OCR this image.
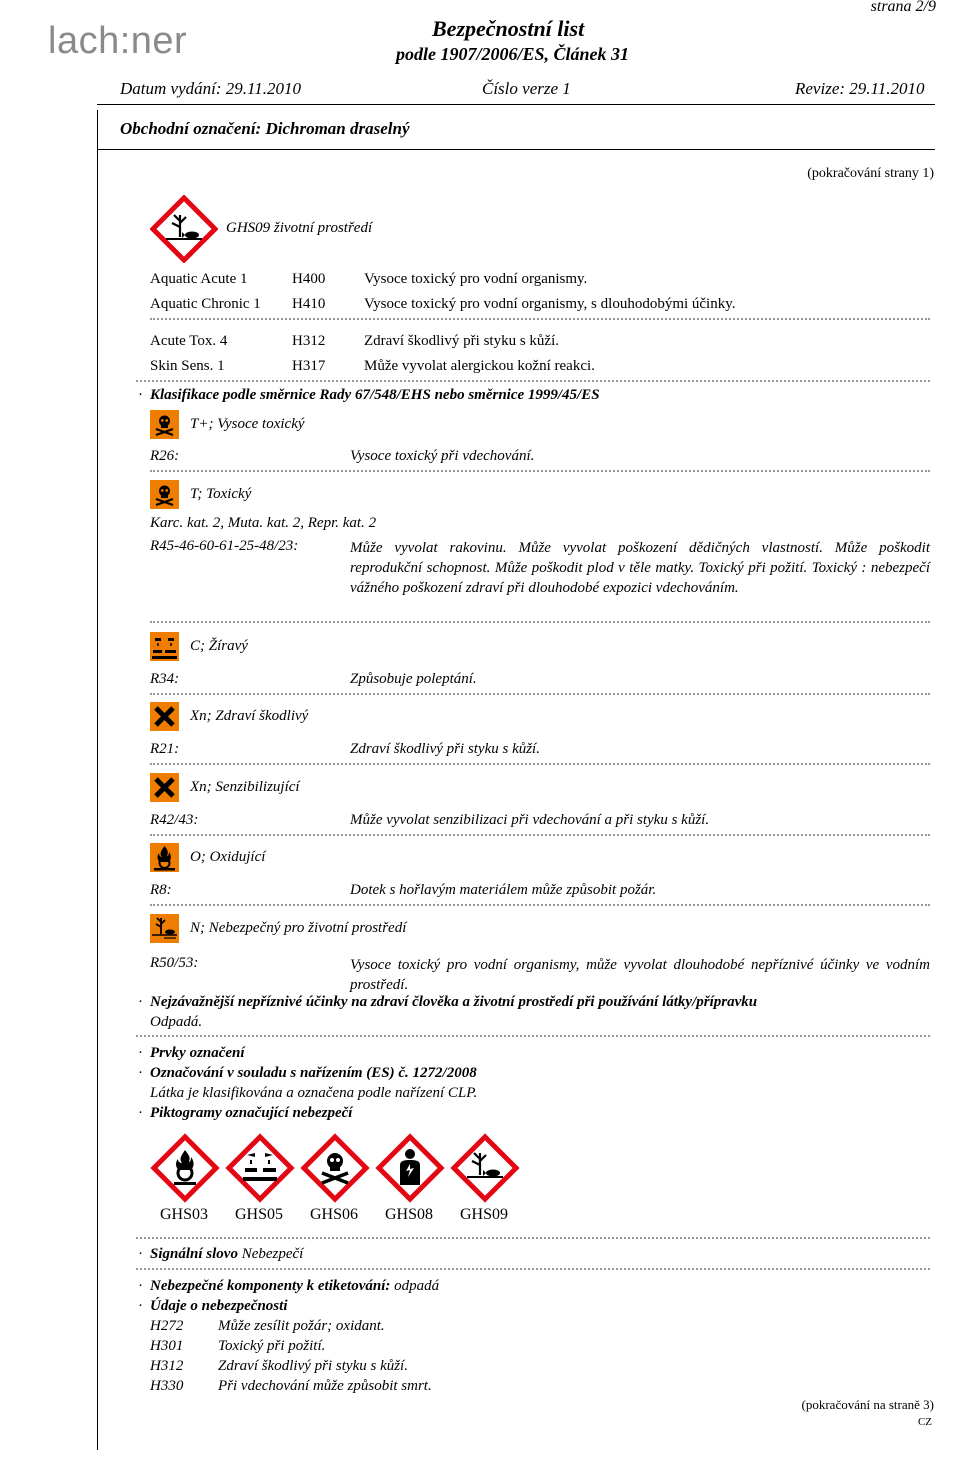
lach:ner
strana 2/9
Bezpečnostní list
podle 1907/2006/ES, Článek 31
Datum vydání: 29.11.2010	Číslo verze 1	Revize: 29.11.2010
Obchodní označení: Dichroman draselný
(pokračování strany 1)
GHS09 životní prostředí
Aquatic Acute 1	H400	Vysoce toxický pro vodní organismy.
Aquatic Chronic 1 H410	Vysoce toxický pro vodní organismy, s dlouhodobými účinky.
Acute Tox. 4	H312	Zdraví škodlivý při styku s kůží.
Skin Sens. 1	H317	Může vyvolat alergickou kožní reakci.
· Klasifikace podle směrnice Rady 67/548/EHS nebo směrnice 1999/45/ES
T+; Vysoce toxický
R26:	Vysoce toxický při vdechování.
T; Toxický
Karc. kat. 2, Muta. kat. 2, Repr. kat. 2
R45-46-60-61-25-48/23:	Může vyvolat rakovinu. Může vyvolat poškození dědičných vlastností. Může poškodit reprodukční schopnost. Může poškodit plod v těle matky. Toxický při požití. Toxický : nebezpečí vážného poškození zdraví při dlouhodobé expozici vdechováním.
C; Žíravý
R34:	Způsobuje poleptání.
Xn; Zdraví škodlivý
R21:	Zdraví škodlivý při styku s kůží.
Xn; Senzibilizující
R42/43:	Může vyvolat senzibilizaci při vdechování a při styku s kůží.
O; Oxidující
R8:	Dotek s hořlavým materiálem může způsobit požár.
N; Nebezpečný pro životní prostředí
R50/53:	Vysoce toxický pro vodní organismy, může vyvolat dlouhodobé nepříznivé účinky ve vodním prostředí.
· Nejzávažnější nepříznivé účinky na zdraví člověka a životní prostředí při používání látky/přípravku
Odpadá.
· Prvky označení
· Označování v souladu s nařízením (ES) č. 1272/2008
Látka je klasifikována a označena podle nařízení CLP.
· Piktogramy označující nebezpečí
GHS03 GHS05 GHS06 GHS08 GHS09
· Signální slovo Nebezpečí
· Nebezpečné komponenty k etiketování: odpadá
· Údaje o nebezpečnosti
H272 Může zesílit požár; oxidant.
H301 Toxický při požití.
H312 Zdraví škodlivý při styku s kůží.
H330 Při vdechování může způsobit smrt.
(pokračování na straně 3)
CZ
